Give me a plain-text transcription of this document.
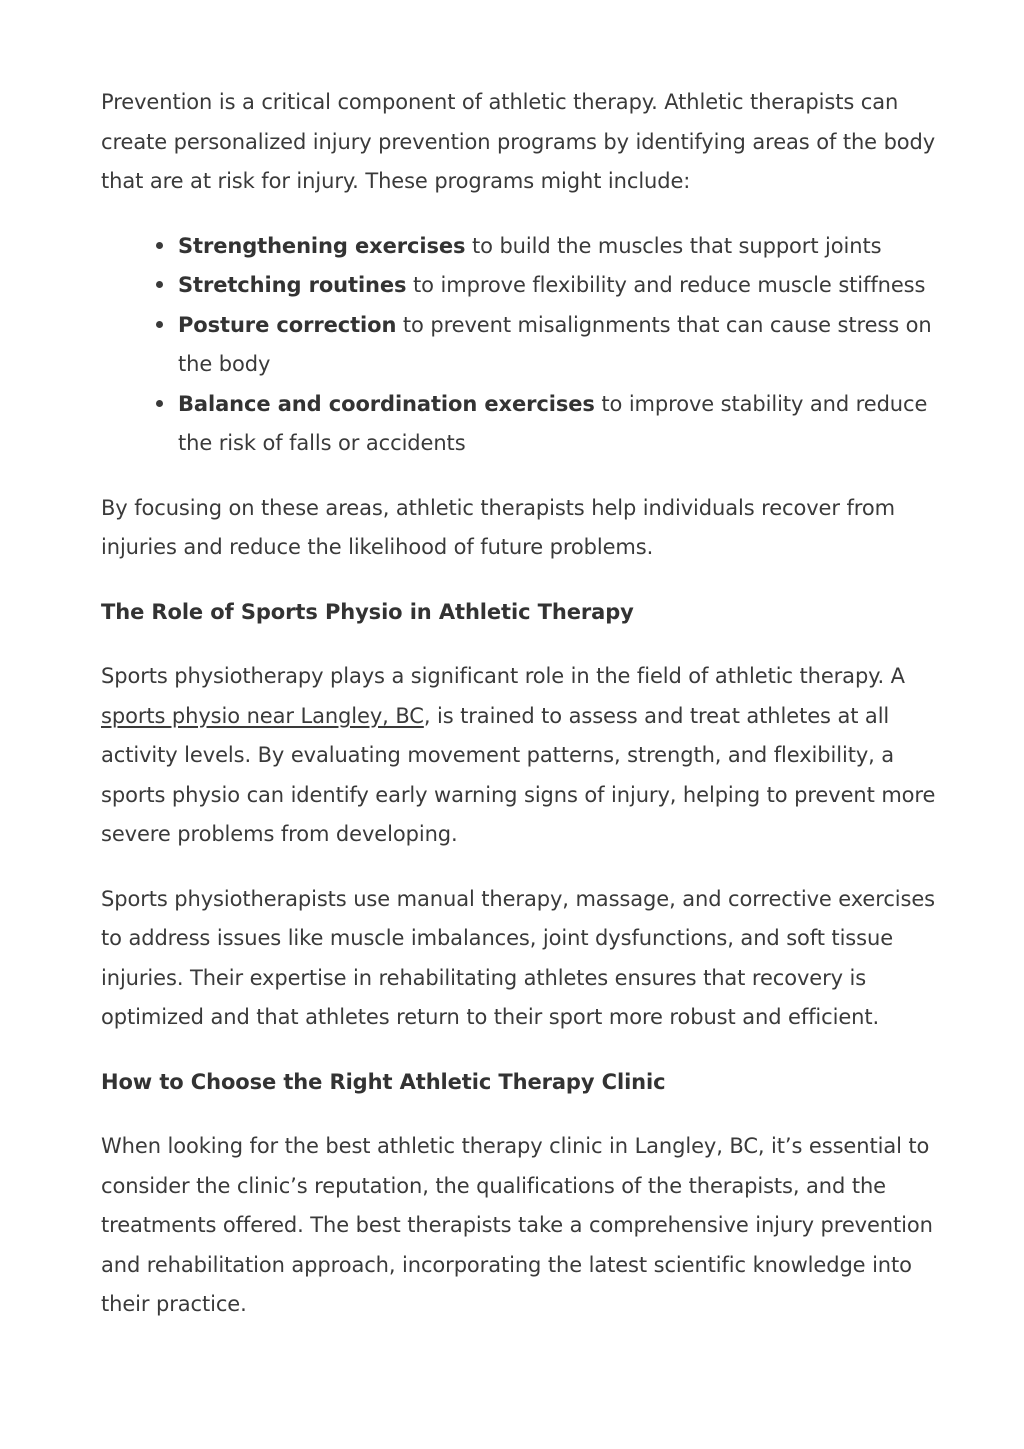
Prevention is a critical component of athletic therapy. Athletic therapists can create personalized injury prevention programs by identifying areas of the body that are at risk for injury. These programs might include:

Strengthening exercises to build the muscles that support joints
Stretching routines to improve flexibility and reduce muscle stiffness
Posture correction to prevent misalignments that can cause stress on the body
Balance and coordination exercises to improve stability and reduce the risk of falls or accidents

By focusing on these areas, athletic therapists help individuals recover from injuries and reduce the likelihood of future problems.

The Role of Sports Physio in Athletic Therapy

Sports physiotherapy plays a significant role in the field of athletic therapy. A sports physio near Langley, BC, is trained to assess and treat athletes at all activity levels. By evaluating movement patterns, strength, and flexibility, a sports physio can identify early warning signs of injury, helping to prevent more severe problems from developing.

Sports physiotherapists use manual therapy, massage, and corrective exercises to address issues like muscle imbalances, joint dysfunctions, and soft tissue injuries. Their expertise in rehabilitating athletes ensures that recovery is optimized and that athletes return to their sport more robust and efficient.

How to Choose the Right Athletic Therapy Clinic

When looking for the best athletic therapy clinic in Langley, BC, it’s essential to consider the clinic’s reputation, the qualifications of the therapists, and the treatments offered. The best therapists take a comprehensive injury prevention and rehabilitation approach, incorporating the latest scientific knowledge into their practice.
